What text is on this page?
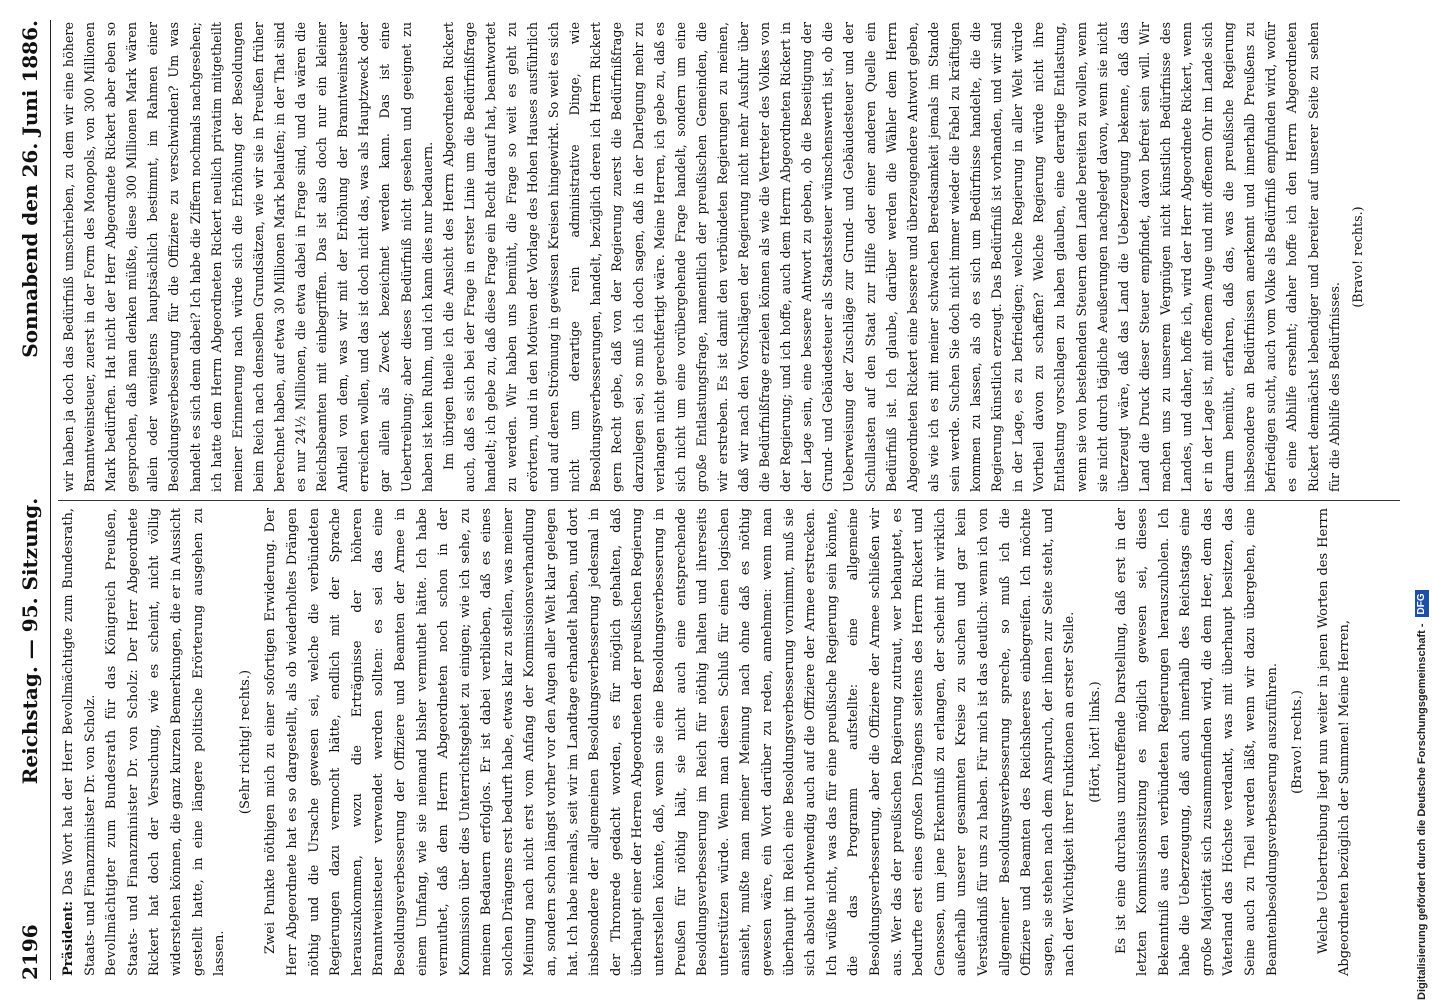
2196
Reichstag. — 95. Sitzung.
Sonnabend den 26. Juni 1886.

Präsident: Das Wort hat der Herr Bevollmächtigte zum Bundesrath, Staats- und Finanzminister Dr. von Scholz. Bevollmächtigter zum Bundesrath für das Königreich Preußen, Staats- und Finanzminister Dr. von Scholz: Der Herr Abgeordnete Rickert hat doch der Versuchung, wie es scheint, nicht völlig widerstehen können, die ganz kurzen Bemerkungen, die er in Aussicht gestellt hatte, in eine längere politische Erörterung ausgehen zu lassen.

(Sehr richtig! rechts.) Zwei Punkte nöthigen mich zu einer sofortigen Erwiderung. Der Herr Abgeordnete hat es so dargestellt, als ob wiederholtes Drängen nöthig und die Ursache gewesen sei, welche die verbündeten Regierungen dazu vermocht hätte, endlich mit der Sprache herauszukommen, wozu die Erträgnisse der höheren Branntweinsteuer verwendet werden sollten: es sei das eine Besoldungsverbesserung der Offiziere und Beamten der Armee in einem Umfang, wie sie niemand bisher vermuthet hätte. Ich habe vermuthet, daß dem Herrn Abgeordneten noch schon in der Kommission über dies Unterrichtsgebiet zu einigen; wie ich sehe, zu meinem Bedauern erfolglos. Er ist dabei verblieben, daß es eines solchen Drängens erst bedurft habe, etwas klar zu stellen, was meiner Meinung nach nicht erst vom Anfang der Kommissionsverhandlung an, sondern schon längst vorher vor den Augen aller Welt klar gelegen hat. Ich habe niemals, seit wir im Landtage erhandelt haben, und dort insbesondere der allgemeinen Besoldungsverbesserung jedesmal in der Thronrede gedacht worden, es für möglich gehalten, daß überhaupt einer der Herren Abgeordneten der preußischen Regierung unterstellen könnte, daß, wenn sie eine Besoldungsverbesserung in Preußen für nöthig hält, sie nicht auch eine entsprechende Besoldungsverbesserung im Reich für nöthig halten und ihrerseits unterstützen würde. Wenn man diesen Schluß für einen logischen ansieht, mußte man meiner Meinung nach ohne daß es nöthig gewesen wäre, ein Wort darüber zu reden, annehmen: wenn man überhaupt im Reich eine Besoldungsverbesserung vornimmt, muß sie sich absolut nothwendig auch auf die Offiziere der Armee erstrecken. Ich wüßte nicht, was das für eine preußische Regierung sein könnte, die das Programm aufstellte: eine allgemeine Besoldungsverbesserung, aber die Offiziere der Armee schließen wir aus. Wer das der preußischen Regierung zutraut, wer behauptet, es bedurfte erst eines großen Drängens seitens des Herrn Rickert und Genossen, um jene Erkenntniß zu erlangen, der scheint mir wirklich außerhalb unserer gesammten Kreise zu suchen und gar kein Verständniß für uns zu haben. Für mich ist das deutlich: wenn ich von allgemeiner Besoldungsverbesserung spreche, so muß ich die Offiziere und Beamten des Reichsheeres einbegreifen. Ich möchte sagen, sie stehen nach dem Anspruch, der ihnen zur Seite steht, und nach der Wichtigkeit ihrer Funktionen an erster Stelle. (Hört, hört! links.) Es ist eine durchaus unzutreffende Darstellung, daß erst in der letzten Kommissionssitzung es möglich gewesen sei, dieses Bekenntniß aus den verbündeten Regierungen herauszuholen. Ich habe die Ueberzeugung, daß auch innerhalb des Reichstags eine große Majorität sich zusammenfinden wird, die dem Heer, dem das Vaterland das Höchste verdankt, was mit überhaupt besitzen, das Seine auch zu Theil werden läßt, wenn wir dazu übergehen, eine Beamtenbesoldungsverbesserung auszuführen. (Bravo! rechts.) Welche Uebertreibung liegt nun weiter in jenen Worten des Herrn Abgeordneten bezüglich der Summen! Meine Herren,

wir haben ja doch das Bedürfniß umschrieben, zu dem wir eine höhere Branntweinsteuer, zuerst in der Form des Monopols, von 300 Millionen Mark bedürften. Hat nicht der Herr Abgeordnete Rickert aber eben so gesprochen, daß man denken müßte, diese 300 Millionen Mark wären allein oder wenigstens hauptsächlich bestimmt, im Rahmen einer Besoldungsverbesserung für die Offiziere zu verschwinden? Um was handelt es sich denn dabei? Ich habe die Ziffern nochmals nachgesehen; ich hatte dem Herrn Abgeordneten Rickert neulich privatim mitgetheilt meiner Erinnerung nach würde sich die Erhöhung der Besoldungen beim Reich nach denselben Grundsätzen, wie wir sie in Preußen früher berechnet haben, auf etwa 30 Millionen Mark belaufen; in der That sind es nur 24½ Millionen, die etwa dabei in Frage sind, und da wären die Reichsbeamten mit einbegriffen. Das ist also doch nur ein kleiner Antheil von dem, was wir mit der Erhöhung der Branntweinsteuer erreichen wollen, und das ist doch nicht das, was als Hauptzweck oder gar allein als Zweck bezeichnet werden kann. Das ist eine Uebertreibung; aber dieses Bedürfniß nicht gesehen und geeignet zu haben ist kein Ruhm, und ich kann dies nur bedauern. Im übrigen theile ich die Ansicht des Herrn Abgeordneten Rickert auch, daß es sich bei der Frage in erster Linie um die Bedürfnißfrage handelt; ich gebe zu, daß diese Frage ein Recht darauf hat, beantwortet zu werden. Wir haben uns bemüht, die Frage so weit es geht zu erörtern, und in den Motiven der Vorlage des Hohen Hauses ausführlich und auf deren Strömung in gewissen Kreisen hingewirkt. So weit es sich nicht um derartige rein administrative Dinge, wie Besoldungsverbesserungen, handelt, bezüglich deren ich Herrn Rickert gern Recht gebe, daß von der Regierung zuerst die Bedürfnißfrage darzulegen sei, so muß ich doch sagen, daß in der Darlegung mehr zu verlangen nicht gerechtfertigt wäre. Meine Herren, ich gebe zu, daß es sich nicht um eine vorübergehende Frage handelt, sondern um eine große Entlastungsfrage, namentlich der preußischen Gemeinden, die wir erstreben. Es ist damit den verbündeten Regierungen zu meinen, daß wir nach den Vorschlägen der Regierung nicht mehr Ausfuhr über die Bedürfnißfrage erzielen können als wie die Vertreter des Volkes von der Regierung; und ich hoffe, auch dem Herrn Abgeordneten Rickert in der Lage sein, eine bessere Antwort zu geben, ob die Beseitigung der Grund- und Gebäudesteuer als Staatssteuer wünschenswerth ist, ob die Ueberweisung der Zuschläge zur Grund- und Gebäudesteuer und der Schullasten auf den Staat zur Hilfe oder einer anderen Quelle ein Bedürfniß ist. Ich glaube, darüber werden die Wähler dem Herrn Abgeordneten Rickert eine bessere und überzeugendere Antwort geben, als wie ich es mit meiner schwachen Beredsamkeit jemals im Stande sein werde. Suchen Sie doch nicht immer wieder die Fabel zu kräftigen kommen zu lassen, als ob es sich um Bedürfnisse handelte, die die Regierung künstlich erzeugt. Das Bedürfniß ist vorhanden, und wir sind in der Lage, es zu befriedigen; welche Regierung in aller Welt würde Vortheil davon zu schaffen? Welche Regierung würde nicht ihre Entlastung vorschlagen zu haben glauben, eine derartige Entlastung, wenn sie von bestehenden Steuern dem Lande bereiten zu wollen, wenn sie nicht durch tägliche Aeußerungen nachgelegt davon, wenn sie nicht überzeugt wäre, daß das Land die Ueberzeugung bekenne, daß das Land die Druck dieser Steuer empfindet, davon befreit sein will. Wir machen uns zu unserem Vergnügen nicht künstlich Bedürfnisse des Landes, und daher, hoffe ich, wird der Herr Abgeordnete Rickert, wenn er in der Lage ist, mit offenem Auge und mit offenem Ohr im Lande sich darum bemüht, erfahren, daß das, was die preußische Regierung insbesondere an Bedürfnissen anerkennt und innerhalb Preußens zu befriedigen sucht, auch vom Volke als Bedürfniß empfunden wird, wofür es eine Abhilfe ersehnt; daher hoffe ich den Herrn Abgeordneten Rickert demnächst lebendiger und bereiter auf unserer Seite zu sehen für die Abhilfe des Bedürfnisses.

(Bravo! rechts.)

Digitalisierung gefördert durch die Deutsche Forschungsgemeinschaft -
DFG
